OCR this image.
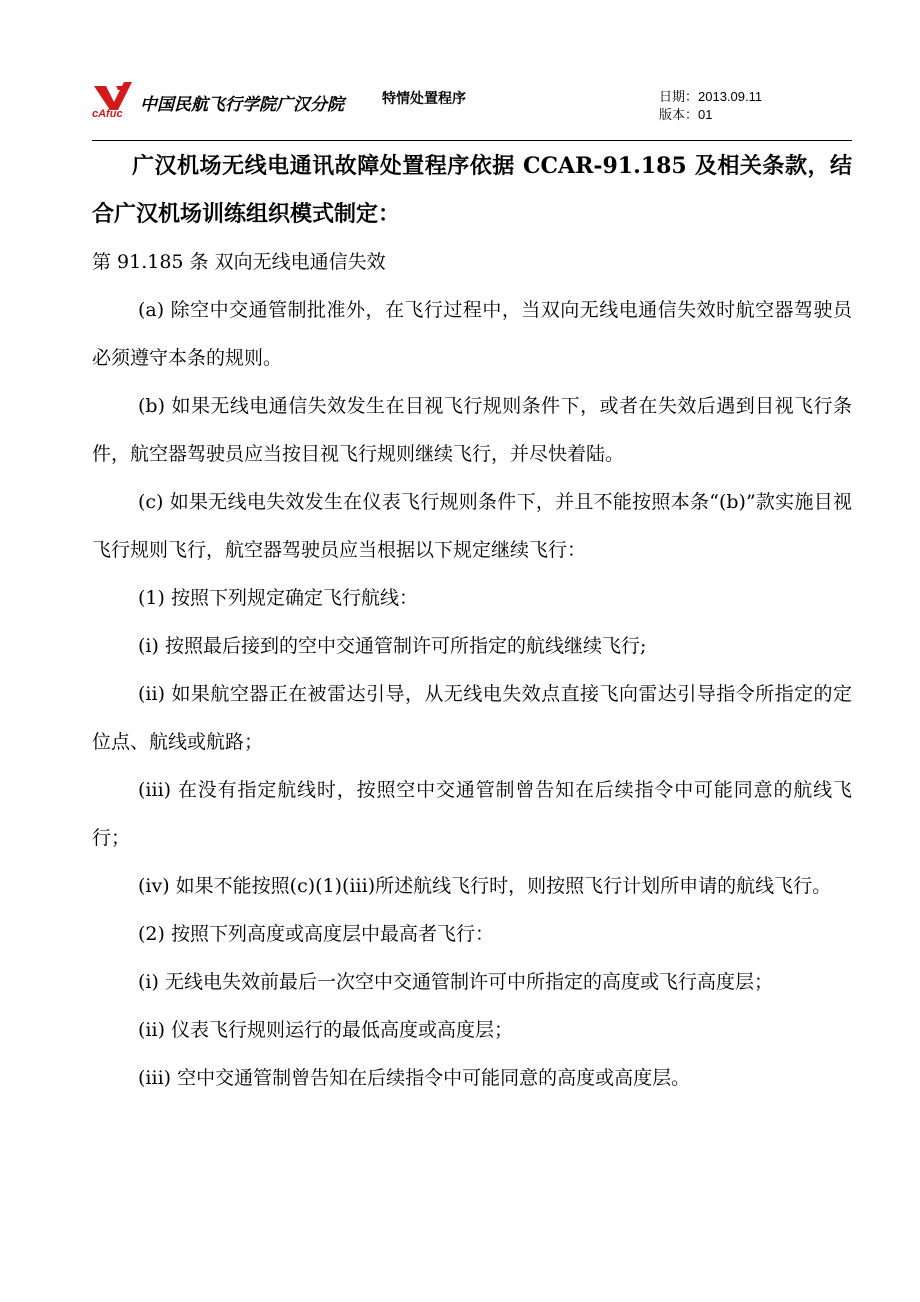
cAfuc 中国民航飞行学院广汉分院	特情处置程序	日期：2013.09.11
版本：01

广汉机场无线电通讯故障处置程序依据 CCAR-91.185 及相关条款，结合广汉机场训练组织模式制定：

第 91.185 条 双向无线电通信失效

(a) 除空中交通管制批准外，在飞行过程中，当双向无线电通信失效时航空器驾驶员必须遵守本条的规则。

(b) 如果无线电通信失效发生在目视飞行规则条件下，或者在失效后遇到目视飞行条件，航空器驾驶员应当按目视飞行规则继续飞行，并尽快着陆。

(c) 如果无线电失效发生在仪表飞行规则条件下，并且不能按照本条“(b)”款实施目视飞行规则飞行，航空器驾驶员应当根据以下规定继续飞行：

(1) 按照下列规定确定飞行航线：

(i) 按照最后接到的空中交通管制许可所指定的航线继续飞行;

(ii) 如果航空器正在被雷达引导，从无线电失效点直接飞向雷达引导指令所指定的定位点、航线或航路；

(iii) 在没有指定航线时，按照空中交通管制曾告知在后续指令中可能同意的航线飞行；

(iv) 如果不能按照(c)(1)(iii)所述航线飞行时，则按照飞行计划所申请的航线飞行。

(2) 按照下列高度或高度层中最高者飞行：

(i) 无线电失效前最后一次空中交通管制许可中所指定的高度或飞行高度层；

(ii) 仪表飞行规则运行的最低高度或高度层；

(iii) 空中交通管制曾告知在后续指令中可能同意的高度或高度层。
